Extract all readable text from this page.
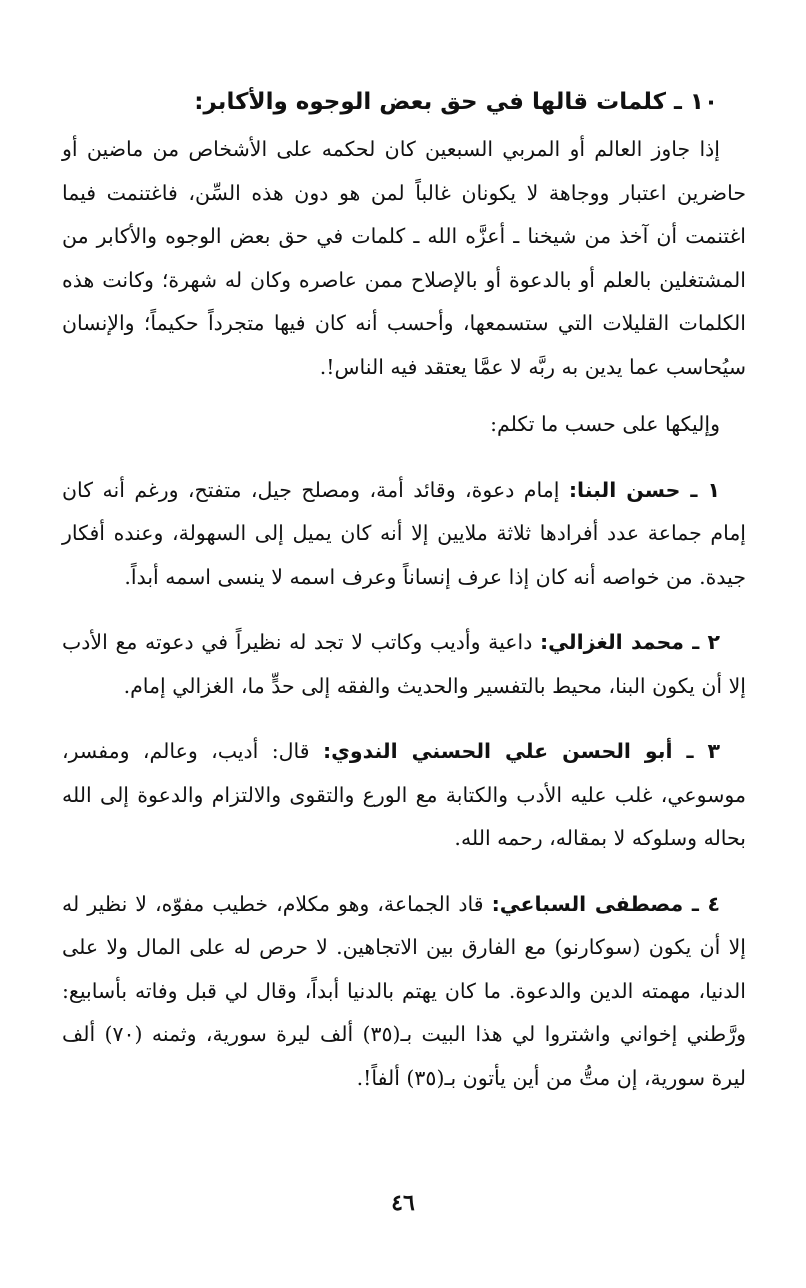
١٠ ـ كلمات قالها في حق بعض الوجوه والأكابر:

إذا جاوز العالم أو المربي السبعين كان لحكمه على الأشخاص من ماضين أو حاضرين اعتبار ووجاهة لا يكونان غالباً لمن هو دون هذه السِّن، فاغتنمت فيما اغتنمت أن آخذ من شيخنا ـ أعزَّه الله ـ كلمات في حق بعض الوجوه والأكابر من المشتغلين بالعلم أو بالدعوة أو بالإصلاح ممن عاصره وكان له شهرة؛ وكانت هذه الكلمات القليلات التي ستسمعها، وأحسب أنه كان فيها متجرداً حكيماً؛ والإنسان سيُحاسب عما يدين به ربَّه لا عمَّا يعتقد فيه الناس!.

وإليكها على حسب ما تكلم:

١ ـ حسن البنا: إمام دعوة، وقائد أمة، ومصلح جيل، متفتح، ورغم أنه كان إمام جماعة عدد أفرادها ثلاثة ملايين إلا أنه كان يميل إلى السهولة، وعنده أفكار جيدة. من خواصه أنه كان إذا عرف إنساناً وعرف اسمه لا ينسى اسمه أبداً.

٢ ـ محمد الغزالي: داعية وأديب وكاتب لا تجد له نظيراً في دعوته مع الأدب إلا أن يكون البنا، محيط بالتفسير والحديث والفقه إلى حدٍّ ما، الغزالي إمام.

٣ ـ أبو الحسن علي الحسني الندوي: قال: أديب، وعالم، ومفسر، موسوعي، غلب عليه الأدب والكتابة مع الورع والتقوى والالتزام والدعوة إلى الله بحاله وسلوكه لا بمقاله، رحمه الله.

٤ ـ مصطفى السباعي: قاد الجماعة، وهو مكلام، خطيب مفوّه، لا نظير له إلا أن يكون (سوكارنو) مع الفارق بين الاتجاهين. لا حرص له على المال ولا على الدنيا، مهمته الدين والدعوة. ما كان يهتم بالدنيا أبداً، وقال لي قبل وفاته بأسابيع: ورَّطني إخواني واشتروا لي هذا البيت بـ(٣٥) ألف ليرة سورية، وثمنه (٧٠) ألف ليرة سورية، إن متُّ من أين يأتون بـ(٣٥) ألفاً!.

٤٦
